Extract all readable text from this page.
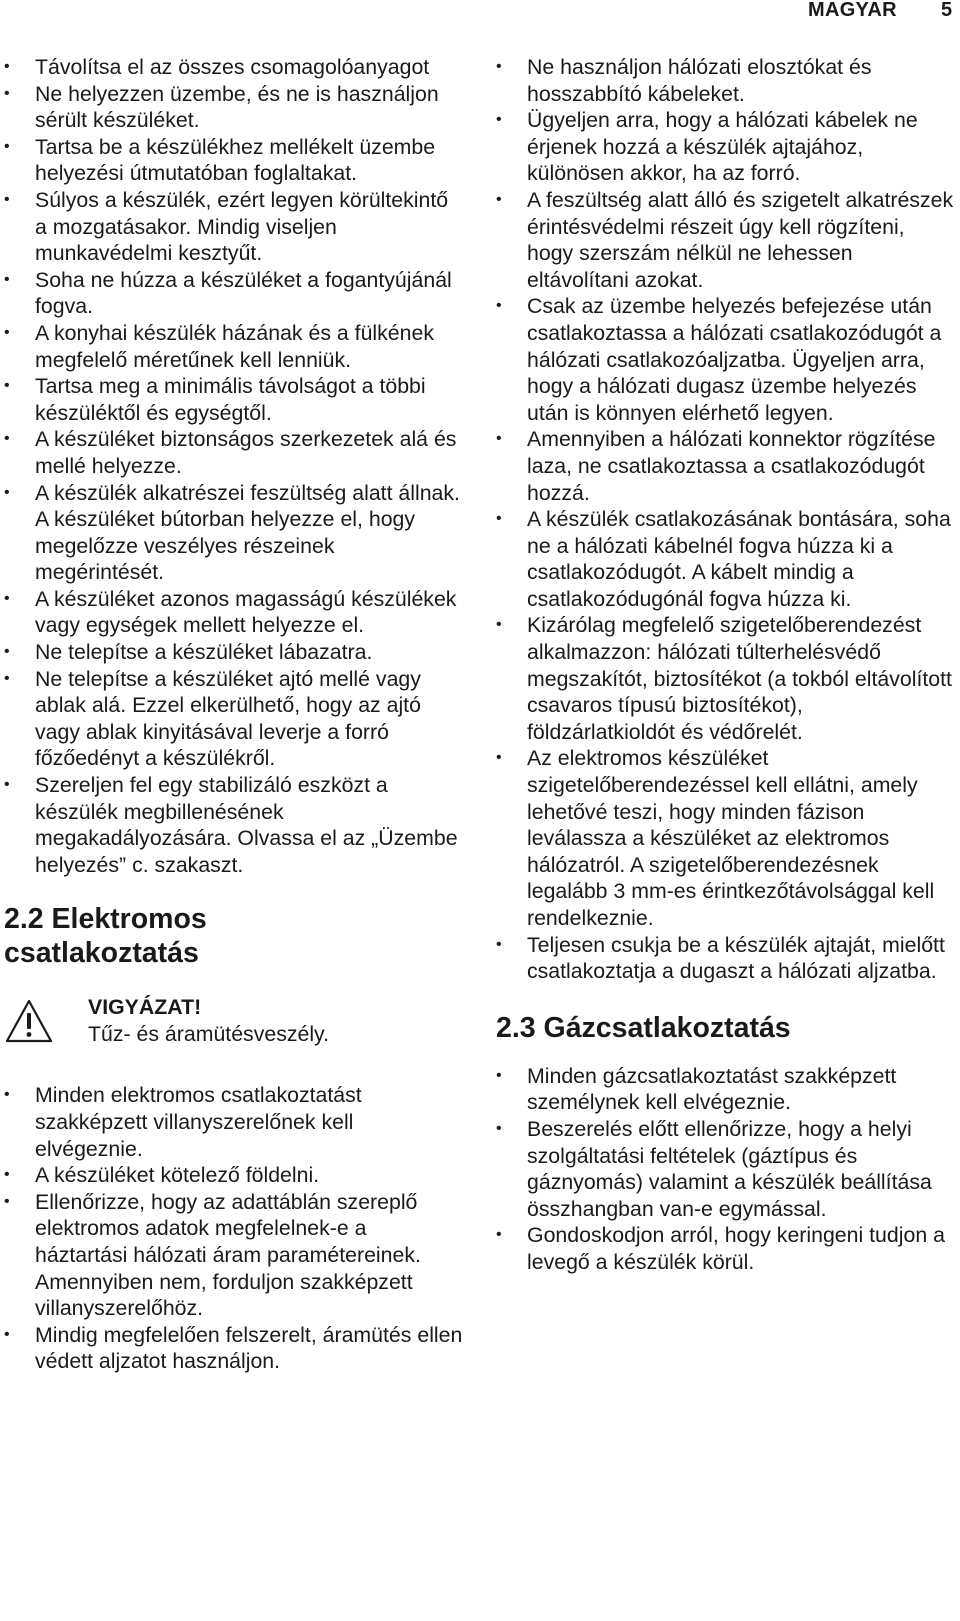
MAGYAR 5
•	Távolítsa el az összes csomagolóanyagot
•	Ne helyezzen üzembe, és ne is használjon sérült készüléket.
•	Tartsa be a készülékhez mellékelt üzembe helyezési útmutatóban foglaltakat.
•	Súlyos a készülék, ezért legyen körültekintő a mozgatásakor. Mindig viseljen munkavédelmi kesztyűt.
•	Soha ne húzza a készüléket a fogantyújánál fogva.
•	A konyhai készülék házának és a fülkének megfelelő méretűnek kell lenniük.
•	Tartsa meg a minimális távolságot a többi készüléktől és egységtől.
•	A készüléket biztonságos szerkezetek alá és mellé helyezze.
•	A készülék alkatrészei feszültség alatt állnak. A készüléket bútorban helyezze el, hogy megelőzze veszélyes részeinek megérintését.
•	A készüléket azonos magasságú készülékek vagy egységek mellett helyezze el.
•	Ne telepítse a készüléket lábazatra.
•	Ne telepítse a készüléket ajtó mellé vagy ablak alá. Ezzel elkerülhető, hogy az ajtó vagy ablak kinyitásával leverje a forró főzőedényt a készülékről.
•	Szereljen fel egy stabilizáló eszközt a készülék megbillenésének megakadályozására. Olvassa el az „Üzembe helyezés” c. szakaszt.
2.2 Elektromos
csatlakoztatás
VIGYÁZAT!
Tűz- és áramütésveszély.
•	Minden elektromos csatlakoztatást szakképzett villanyszerelőnek kell elvégeznie.
•	A készüléket kötelező földelni.
•	Ellenőrizze, hogy az adattáblán szereplő elektromos adatok megfelelnek-e a háztartási hálózati áram paramétereinek. Amennyiben nem, forduljon szakképzett villanyszerelőhöz.
•	Mindig megfelelően felszerelt, áramütés ellen védett aljzatot használjon.
•	Ne használjon hálózati elosztókat és hosszabbító kábeleket.
•	Ügyeljen arra, hogy a hálózati kábelek ne érjenek hozzá a készülék ajtajához, különösen akkor, ha az forró.
•	A feszültség alatt álló és szigetelt alkatrészek érintésvédelmi részeit úgy kell rögzíteni, hogy szerszám nélkül ne lehessen eltávolítani azokat.
•	Csak az üzembe helyezés befejezése után csatlakoztassa a hálózati csatlakozódugót a hálózati csatlakozóaljzatba. Ügyeljen arra, hogy a hálózati dugasz üzembe helyezés után is könnyen elérhető legyen.
•	Amennyiben a hálózati konnektor rögzítése laza, ne csatlakoztassa a csatlakozódugót hozzá.
•	A készülék csatlakozásának bontására, soha ne a hálózati kábelnél fogva húzza ki a csatlakozódugót. A kábelt mindig a csatlakozódugónál fogva húzza ki.
•	Kizárólag megfelelő szigetelőberendezést alkalmazzon: hálózati túlterhelésvédő megszakítót, biztosítékot (a tokból eltávolított csavaros típusú biztosítékot), földzárlatkioldót és védőrelét.
•	Az elektromos készüléket szigetelőberendezéssel kell ellátni, amely lehetővé teszi, hogy minden fázison leválassza a készüléket az elektromos hálózatról. A szigetelőberendezésnek legalább 3 mm-es érintkezőtávolsággal kell rendelkeznie.
•	Teljesen csukja be a készülék ajtaját, mielőtt csatlakoztatja a dugaszt a hálózati aljzatba.
2.3 Gázcsatlakoztatás
•	Minden gázcsatlakoztatást szakképzett személynek kell elvégeznie.
•	Beszerelés előtt ellenőrizze, hogy a helyi szolgáltatási feltételek (gáztípus és gáznyomás) valamint a készülék beállítása összhangban van-e egymással.
•	Gondoskodjon arról, hogy keringeni tudjon a levegő a készülék körül.
